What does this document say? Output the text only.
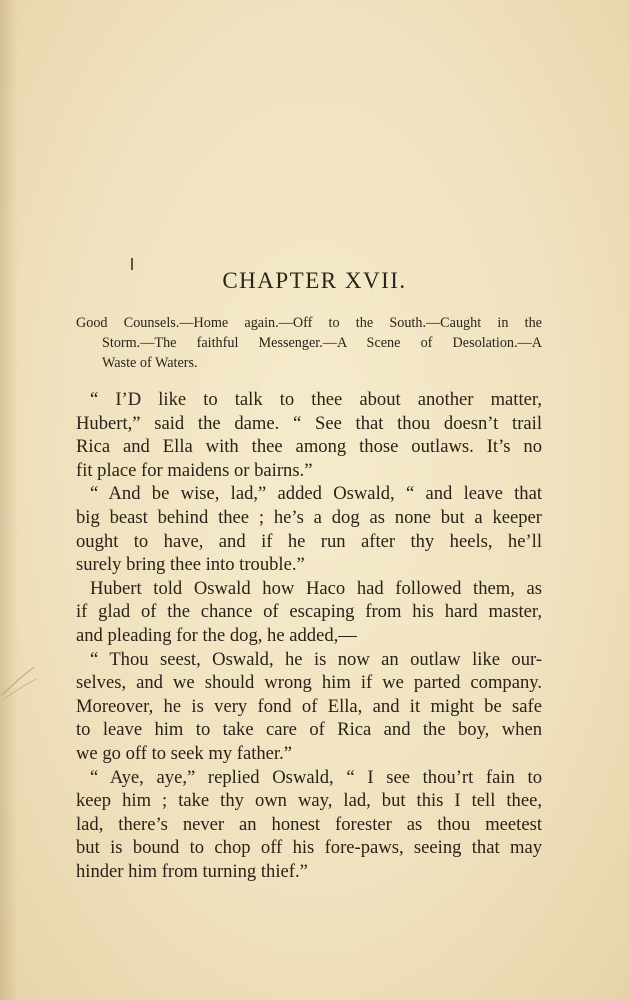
CHAPTER XVII.
Good Counsels.—Home again.—Off to the South.—Caught in the
Storm.—The faithful Messenger.—A Scene of Desolation.—A
Waste of Waters.
“ I’D like to talk to thee about another matter,
Hubert,” said the dame. “ See that thou doesn’t trail
Rica and Ella with thee among those outlaws. It’s no
fit place for maidens or bairns.”
“ And be wise, lad,” added Oswald, “ and leave that
big beast behind thee ; he’s a dog as none but a keeper
ought to have, and if he run after thy heels, he’ll
surely bring thee into trouble.”
Hubert told Oswald how Haco had followed them, as
if glad of the chance of escaping from his hard master,
and pleading for the dog, he added,—
“ Thou seest, Oswald, he is now an outlaw like our-
selves, and we should wrong him if we parted company.
Moreover, he is very fond of Ella, and it might be safe
to leave him to take care of Rica and the boy, when
we go off to seek my father.”
“ Aye, aye,” replied Oswald, “ I see thou’rt fain to
keep him ; take thy own way, lad, but this I tell thee,
lad, there’s never an honest forester as thou meetest
but is bound to chop off his fore-paws, seeing that may
hinder him from turning thief.”
